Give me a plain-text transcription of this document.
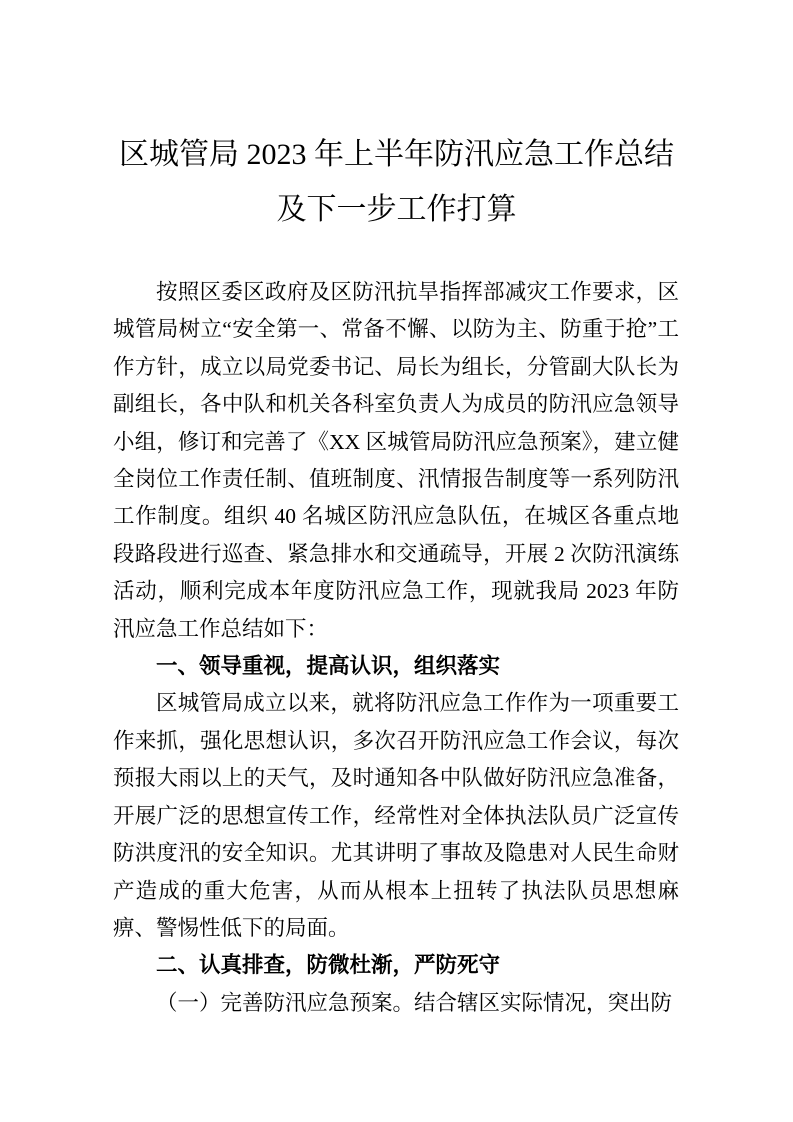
区城管局 2023 年上半年防汛应急工作总结
及下一步工作打算

按照区委区政府及区防汛抗旱指挥部减灾工作要求，区城管局树立“安全第一、常备不懈、以防为主、防重于抢”工作方针，成立以局党委书记、局长为组长，分管副大队长为副组长，各中队和机关各科室负责人为成员的防汛应急领导小组，修订和完善了《XX 区城管局防汛应急预案》，建立健全岗位工作责任制、值班制度、汛情报告制度等一系列防汛工作制度。组织 40 名城区防汛应急队伍，在城区各重点地段路段进行巡查、紧急排水和交通疏导，开展 2 次防汛演练活动，顺利完成本年度防汛应急工作，现就我局 2023 年防汛应急工作总结如下：

一、领导重视，提高认识，组织落实

区城管局成立以来，就将防汛应急工作作为一项重要工作来抓，强化思想认识，多次召开防汛应急工作会议，每次预报大雨以上的天气，及时通知各中队做好防汛应急准备，开展广泛的思想宣传工作，经常性对全体执法队员广泛宣传防洪度汛的安全知识。尤其讲明了事故及隐患对人民生命财产造成的重大危害，从而从根本上扭转了执法队员思想麻痹、警惕性低下的局面。

二、认真排查，防微杜渐，严防死守

（一）完善防汛应急预案。结合辖区实际情况，突出防
